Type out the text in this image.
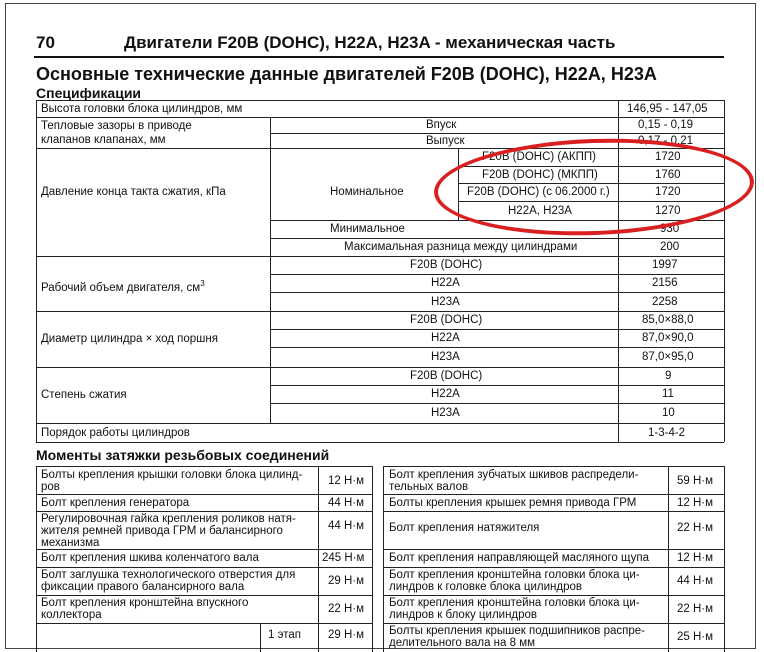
70	Двигатели F20B (DOHC), H22A, H23A - механическая часть
Основные технические данные двигателей F20B (DOHC), H22A, H23A
Спецификации
Высота головки блока цилиндров, мм	146,95 - 147,05
Тепловые зазоры в приводе
клапанов клапанах, мм
Впуск	0,15 - 0,19
Выпуск	0,17 - 0,21
Давление конца такта сжатия, кПа	Номинальное
F20B (DOHC) (АКПП)	1720
F20B (DOHC) (МКПП)	1760
F20B (DOHC) (с 06.2000 г.)	1720
H22A, H23A	1270
Минимальное	930
Максимальная разница между цилиндрами	200
Рабочий объем двигателя, $см^3$
F20B (DOHC)	1997
H22A	2156
H23A	2258
Диаметр цилиндра × ход поршня
F20B (DOHC)	85,0×88,0
H22A	87,0×90,0
H23A	87,0×95,0
Степень сжатия
F20B (DOHC)	9
H22A	11
H23A	10
Порядок работы цилиндров	1-3-4-2
Моменты затяжки резьбовых соединений
Болты крепления крышки головки блока цилинд-
ров	12 Н·м
Болт крепления генератора	44 Н·м
Регулировочная гайка крепления роликов натя-
жителя ремней привода ГРМ и балансирного
механизма
44 Н·м
Болт крепления шкива коленчатого вала	245 Н·м
Болт заглушка технологического отверстия для
фиксации правого балансирного вала	29 Н·м
Болт крепления кронштейна впускного
коллектора	22 Н·м
1 этап 29 Н·м
Болт крепления зубчатых шкивов распредели-
тельных валов	59 Н·м
Болты крепления крышек ремня привода ГРМ	12 Н·м
Болт крепления натяжителя	22 Н·м
Болт крепления направляющей масляного щупа 12 Н·м
Болт крепления кронштейна головки блока ци-
линдров к головке блока цилиндров	44 Н·м
Болт крепления кронштейна головки блока ци-
линдров к блоку цилиндров	22 Н·м
Болты крепления крышек подшипников распре-
делительного вала на 8 мм	25 Н·м
